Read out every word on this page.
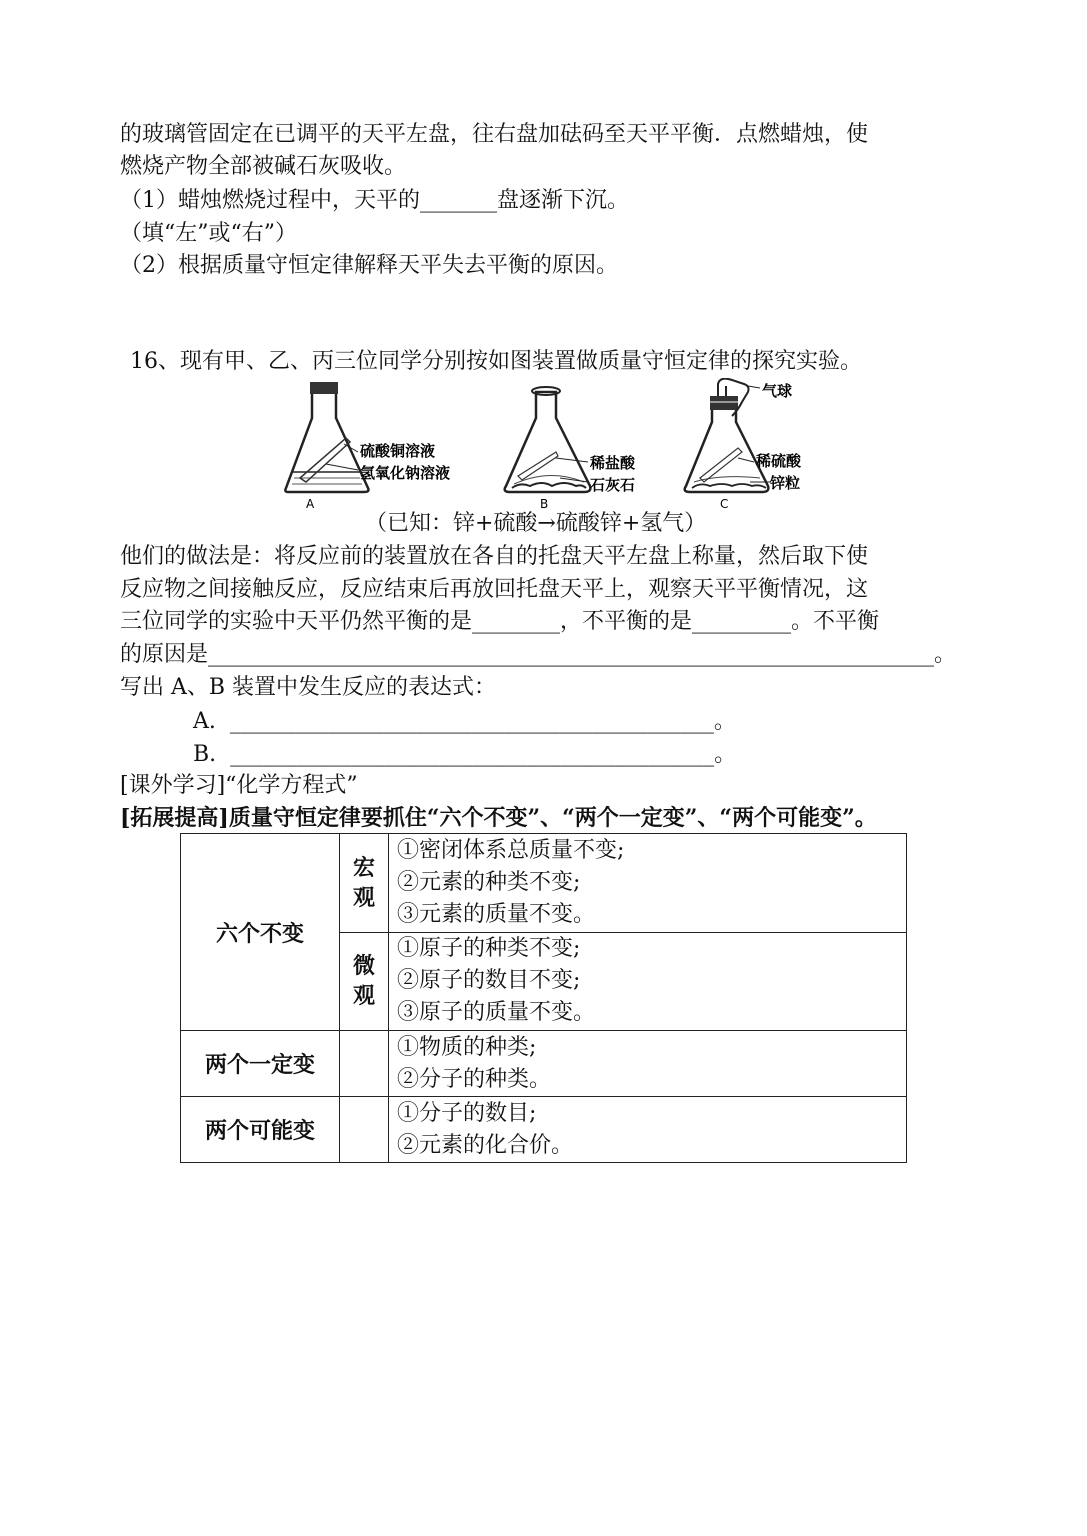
的玻璃管固定在已调平的天平左盘，往右盘加砝码至天平平衡．点燃蜡烛，使
燃烧产物全部被碱石灰吸收。
（1）蜡烛燃烧过程中，天平的_______盘逐渐下沉。
（填“左”或“右”）
（2）根据质量守恒定律解释天平失去平衡的原因。
16、现有甲、乙、丙三位同学分别按如图装置做质量守恒定律的探究实验。
硫酸铜溶液
氢氧化钠溶液
A
稀盐酸
石灰石
B
气球
稀硫酸
锌粒
C
（已知：锌+硫酸→硫酸锌+氢气）
他们的做法是：将反应前的装置放在各自的托盘天平左盘上称量，然后取下使
反应物之间接触反应，反应结束后再放回托盘天平上，观察天平平衡情况，这
三位同学的实验中天平仍然平衡的是________，不平衡的是_________。不平衡
的原因是__________________________________________________________________。
写出 A、B 装置中发生反应的表达式：
A.  ____________________________________________。
B.  ____________________________________________。
[课外学习]“化学方程式”
[拓展提高]质量守恒定律要抓住“六个不变”、“两个一定变”、“两个可能变”。
六个不变	宏观	①密闭体系总质量不变;
②元素的种类不变;
③元素的质量不变。

	微观	①原子的种类不变;
②原子的数目不变;
③原子的质量不变。

两个一定变		①物质的种类;
②分子的种类。

两个可能变		①分子的数目;
②元素的化合价。
